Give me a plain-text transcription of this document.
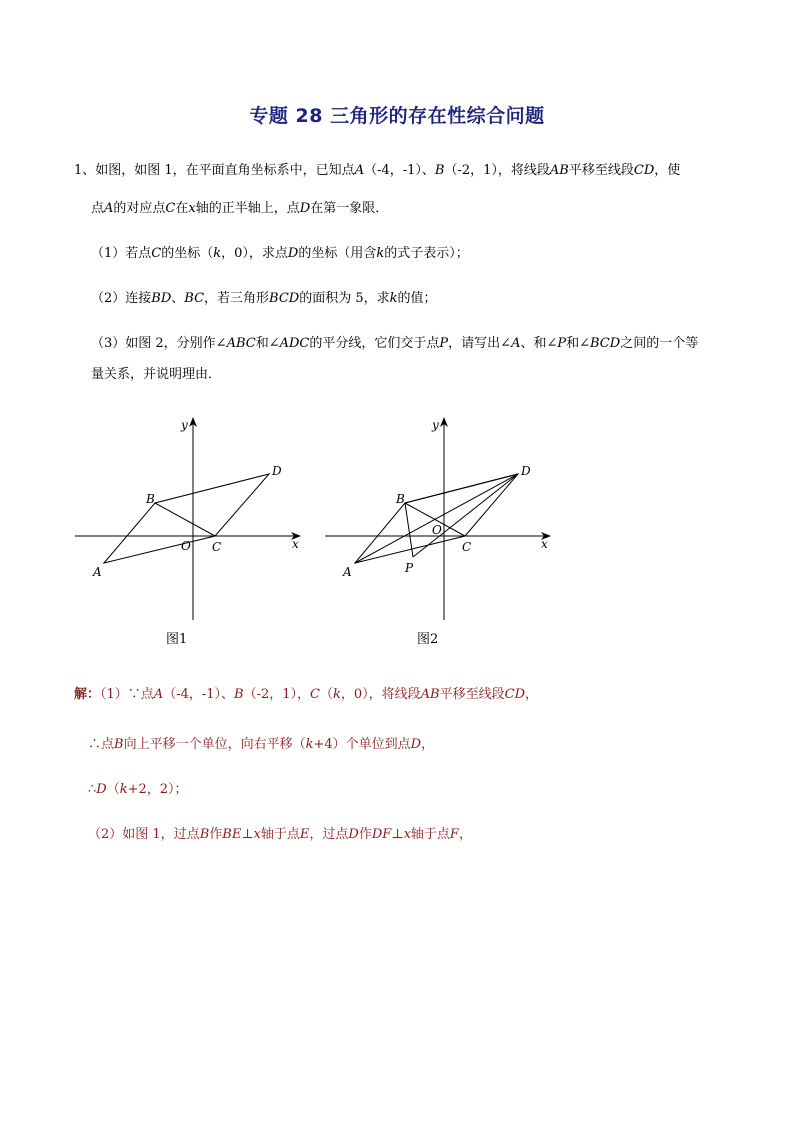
专题 28 三角形的存在性综合问题
1、如图，如图 1，在平面直角坐标系中，已知点A（-4，-1）、B（-2，1），将线段AB平移至线段CD，使
点A的对应点C在x轴的正半轴上，点D在第一象限．
（1）若点C的坐标（k，0），求点D的坐标（用含k的式子表示）；
（2）连接BD、BC，若三角形BCD的面积为 5，求k的值；
（3）如图 2，分别作∠ABC和∠ADC的平分线，它们交于点P，请写出∠A、和∠P和∠BCD之间的一个等
量关系，并说明理由．
y
x
O
A
B
C
D
图1
y
x
O
A
B
C
D
P
图2
解：（1）∵点A（-4，-1）、B（-2，1），C（k，0），将线段AB平移至线段CD，
∴点B向上平移一个单位，向右平移（k+4）个单位到点D，
∴D（k+2，2）；
（2）如图 1，过点B作BE⊥x轴于点E，过点D作DF⊥x轴于点F，
